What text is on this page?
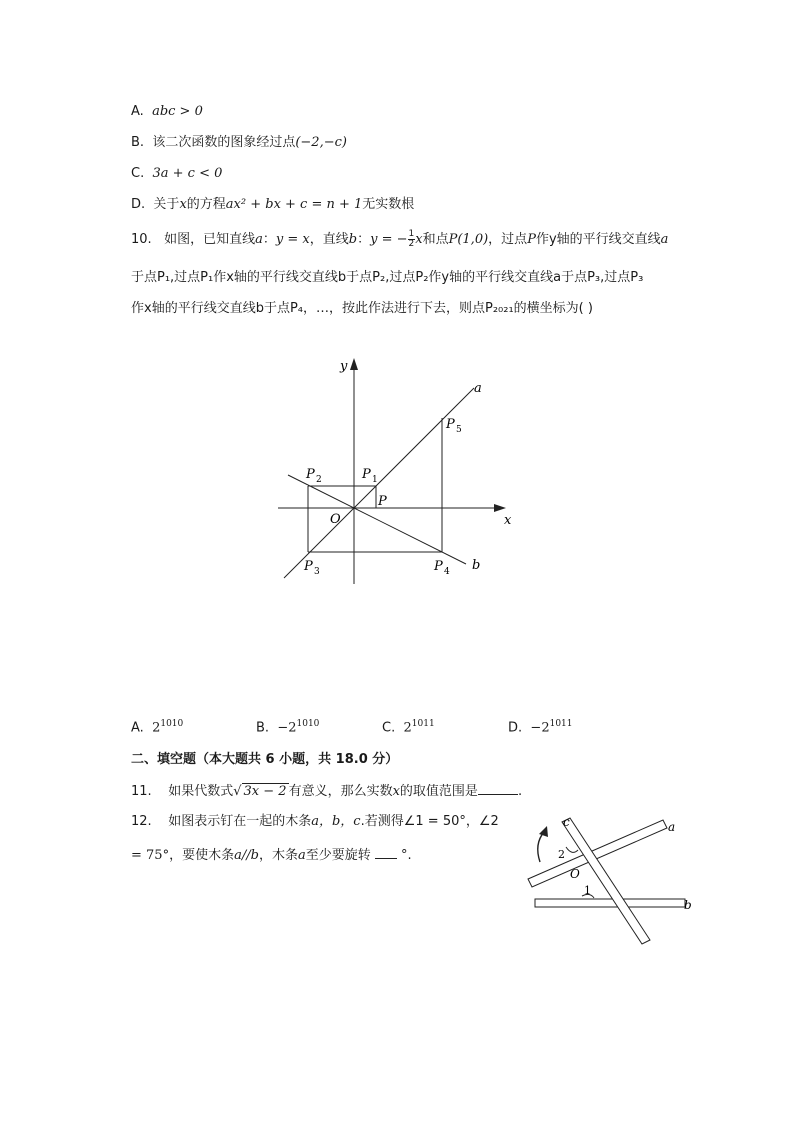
A. abc > 0
B. 该二次函数的图象经过点(−2,−c)
C. 3a + c < 0
D. 关于x的方程ax² + bx + c = n + 1无实数根
10. 如图，已知直线a：y = x，直线b：y = − $\frac{1}{2}$ x和点P(1,0)，过点P作y轴的平行线交直线a
于点P₁,过点P₁作x轴的平行线交直线b于点P₂,过点P₂作y轴的平行线交直线a于点P₃,过点P₃
作x轴的平行线交直线b于点P₄，…，按此作法进行下去，则点P₂₀₂₁的横坐标为( )
y
x
O
a
b
P
P 1
P 2
P 3	P 4
P 5
A. $2^{1010}$	B. $-2^{1010}$	C. $2^{1011}$	D. $-2^{1011}$
二、填空题（本大题共 6 小题，共 18.0 分）
11. 如果代数式√ 3x − 2 有意义，那么实数x的取值范围是	.
12. 如图表示钉在一起的木条a，b，c.若测得∠1 = 50°，∠2
= 75°，要使木条a//b，木条a至少要旋转 °.
c	a
b
O
1
2
